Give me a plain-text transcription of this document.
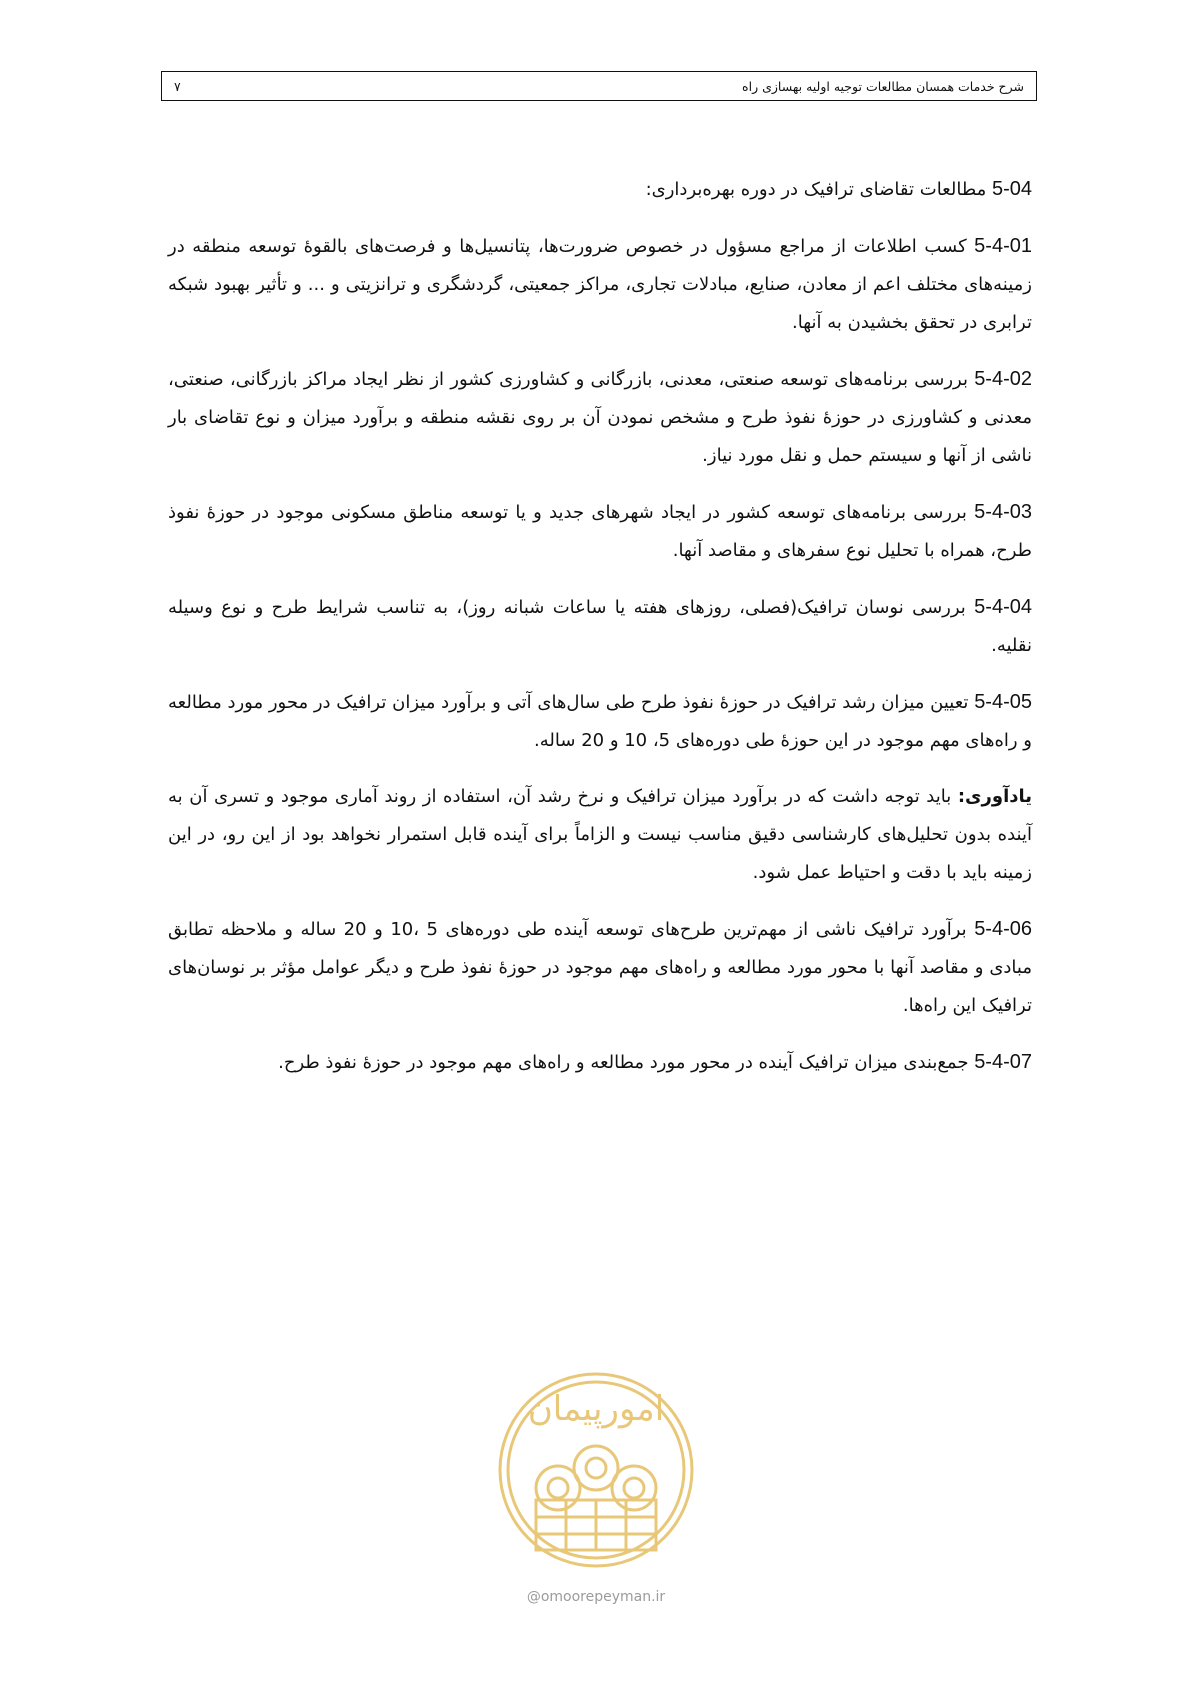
شرح خدمات همسان مطالعات توجیه اولیه بهسازی راه
۷
5-04 مطالعات تقاضای ترافیک در دوره بهره‌برداری:
5-4-01 کسب اطلاعات از مراجع مسؤول در خصوص ضرورت‌ها، پتانسیل‌ها و فرصت‌های بالقوهٔ توسعه منطقه در زمینه‌های مختلف اعم از معادن، صنایع، مبادلات تجاری، مراکز جمعیتی، گردشگری و ترانزیتی و ... و تأثیر بهبود شبکه ترابری در تحقق بخشیدن به آنها.
5-4-02 بررسی برنامه‌های توسعه صنعتی، معدنی، بازرگانی و کشاورزی کشور از نظر ایجاد مراکز بازرگانی، صنعتی، معدنی و کشاورزی در حوزهٔ نفوذ طرح و مشخص نمودن آن بر روی نقشه منطقه و برآورد میزان و نوع تقاضای بار ناشی از آنها و سیستم حمل و نقل مورد نیاز.
5-4-03 بررسی برنامه‌های توسعه کشور در ایجاد شهرهای جدید و یا توسعه مناطق مسکونی موجود در حوزهٔ نفوذ طرح، همراه با تحلیل نوع سفرهای و مقاصد آنها.
5-4-04 بررسی نوسان ترافیک(فصلی، روزهای هفته یا ساعات شبانه روز)، به تناسب شرایط طرح و نوع وسیله نقلیه.
5-4-05 تعیین میزان رشد ترافیک در حوزهٔ نفوذ طرح طی سال‌های آتی و برآورد میزان ترافیک در محور مورد مطالعه و راه‌های مهم موجود در این حوزهٔ طی دوره‌های 5، 10 و 20 ساله.
یادآوری: باید توجه داشت که در برآورد میزان ترافیک و نرخ رشد آن، استفاده از روند آماری موجود و تسری آن به آینده بدون تحلیل‌های کارشناسی دقیق مناسب نیست و الزاماً برای آینده قابل استمرار نخواهد بود از این رو، در این زمینه باید با دقت و احتیاط عمل شود.
5-4-06 برآورد ترافیک ناشی از مهم‌ترین طرح‌های توسعه آینده طی دوره‌های 5 ،10 و 20 ساله و ملاحظه تطابق مبادی و مقاصد آنها با محور مورد مطالعه و راه‌های مهم موجود در حوزهٔ نفوذ طرح و دیگر عوامل مؤثر بر نوسان‌های ترافیک این راه‌ها.
5-4-07 جمع‌بندی میزان ترافیک آینده در محور مورد مطالعه و راه‌های مهم موجود در حوزهٔ نفوذ طرح.
امورپیمان
@omoorepeyman.ir
